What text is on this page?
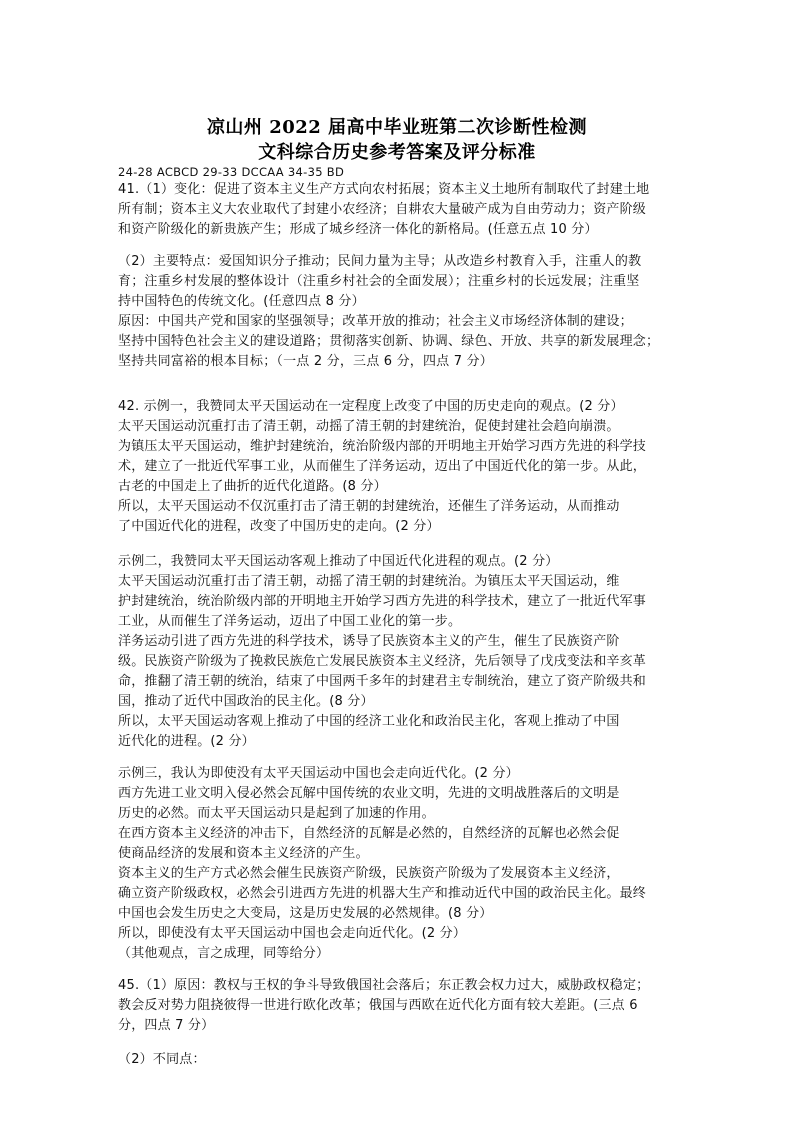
凉山州 2022 届高中毕业班第二次诊断性检测
文科综合历史参考答案及评分标准
24-28 ACBCD 29-33 DCCAA 34-35 BD
41.（1）变化：促进了资本主义生产方式向农村拓展；资本主义土地所有制取代了封建土地
所有制；资本主义大农业取代了封建小农经济；自耕农大量破产成为自由劳动力；资产阶级
和资产阶级化的新贵族产生；形成了城乡经济一体化的新格局。(任意五点 10 分）
（2）主要特点：爱国知识分子推动；民间力量为主导；从改造乡村教育入手，注重人的教
育；注重乡村发展的整体设计（注重乡村社会的全面发展）；注重乡村的长远发展；注重坚
持中国特色的传统文化。(任意四点 8 分）
原因：中国共产党和国家的坚强领导；改革开放的推动；社会主义市场经济体制的建设；
坚持中国特色社会主义的建设道路；贯彻落实创新、协调、绿色、开放、共享的新发展理念；
坚持共同富裕的根本目标；（一点 2 分，三点 6 分，四点 7 分）
42. 示例一，我赞同太平天国运动在一定程度上改变了中国的历史走向的观点。(2 分）
太平天国运动沉重打击了清王朝，动摇了清王朝的封建统治，促使封建社会趋向崩溃。
为镇压太平天国运动，维护封建统治，统治阶级内部的开明地主开始学习西方先进的科学技
术，建立了一批近代军事工业，从而催生了洋务运动，迈出了中国近代化的第一步。从此，
古老的中国走上了曲折的近代化道路。(8 分）
所以，太平天国运动不仅沉重打击了清王朝的封建统治，还催生了洋务运动，从而推动
了中国近代化的进程，改变了中国历史的走向。(2 分）
示例二，我赞同太平天国运动客观上推动了中国近代化进程的观点。(2 分）
太平天国运动沉重打击了清王朝，动摇了清王朝的封建统治。为镇压太平天国运动，维
护封建统治，统治阶级内部的开明地主开始学习西方先进的科学技术，建立了一批近代军事
工业，从而催生了洋务运动，迈出了中国工业化的第一步。
洋务运动引进了西方先进的科学技术，诱导了民族资本主义的产生，催生了民族资产阶
级。民族资产阶级为了挽救民族危亡发展民族资本主义经济，先后领导了戊戌变法和辛亥革
命，推翻了清王朝的统治，结束了中国两千多年的封建君主专制统治，建立了资产阶级共和
国，推动了近代中国政治的民主化。(8 分）
所以，太平天国运动客观上推动了中国的经济工业化和政治民主化，客观上推动了中国
近代化的进程。(2 分）
示例三，我认为即使没有太平天国运动中国也会走向近代化。(2 分）
西方先进工业文明入侵必然会瓦解中国传统的农业文明，先进的文明战胜落后的文明是
历史的必然。而太平天国运动只是起到了加速的作用。
在西方资本主义经济的冲击下，自然经济的瓦解是必然的，自然经济的瓦解也必然会促
使商品经济的发展和资本主义经济的产生。
资本主义的生产方式必然会催生民族资产阶级，民族资产阶级为了发展资本主义经济，
确立资产阶级政权，必然会引进西方先进的机器大生产和推动近代中国的政治民主化。最终
中国也会发生历史之大变局，这是历史发展的必然规律。(8 分）
所以，即使没有太平天国运动中国也会走向近代化。(2 分）
（其他观点，言之成理，同等给分）
45.（1）原因：教权与王权的争斗导致俄国社会落后；东正教会权力过大，威胁政权稳定；
教会反对势力阻挠彼得一世进行欧化改革；俄国与西欧在近代化方面有较大差距。(三点 6
分，四点 7 分）
（2）不同点：
